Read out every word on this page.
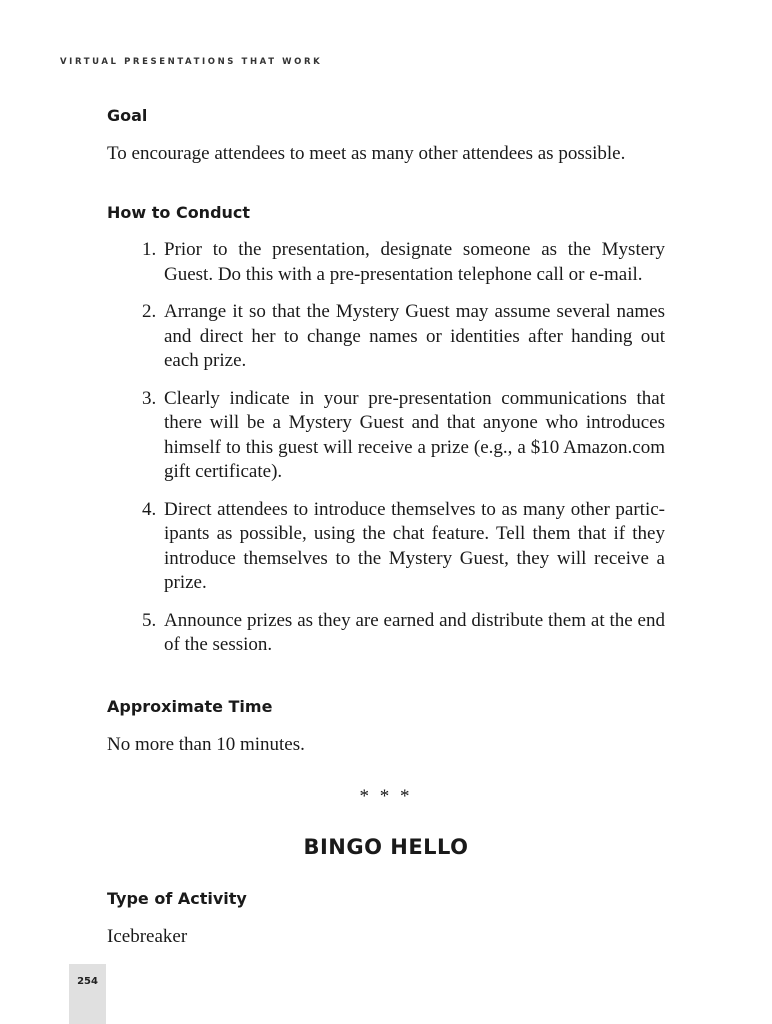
VIRTUAL PRESENTATIONS THAT WORK
Goal
To encourage attendees to meet as many other attendees as possible.
How to Conduct
1. Prior to the presentation, designate someone as the Mystery Guest. Do this with a pre-presentation telephone call or e-mail.
2. Arrange it so that the Mystery Guest may assume several names and direct her to change names or identities after handing out each prize.
3. Clearly indicate in your pre-presentation communications that there will be a Mystery Guest and that anyone who introduces himself to this guest will receive a prize (e.g., a $10 Amazon.com gift certificate).
4. Direct attendees to introduce themselves to as many other partic-ipants as possible, using the chat feature. Tell them that if they introduce themselves to the Mystery Guest, they will receive a prize.
5. Announce prizes as they are earned and distribute them at the end of the session.
Approximate Time
No more than 10 minutes.
* * *
BINGO HELLO
Type of Activity
Icebreaker
254
